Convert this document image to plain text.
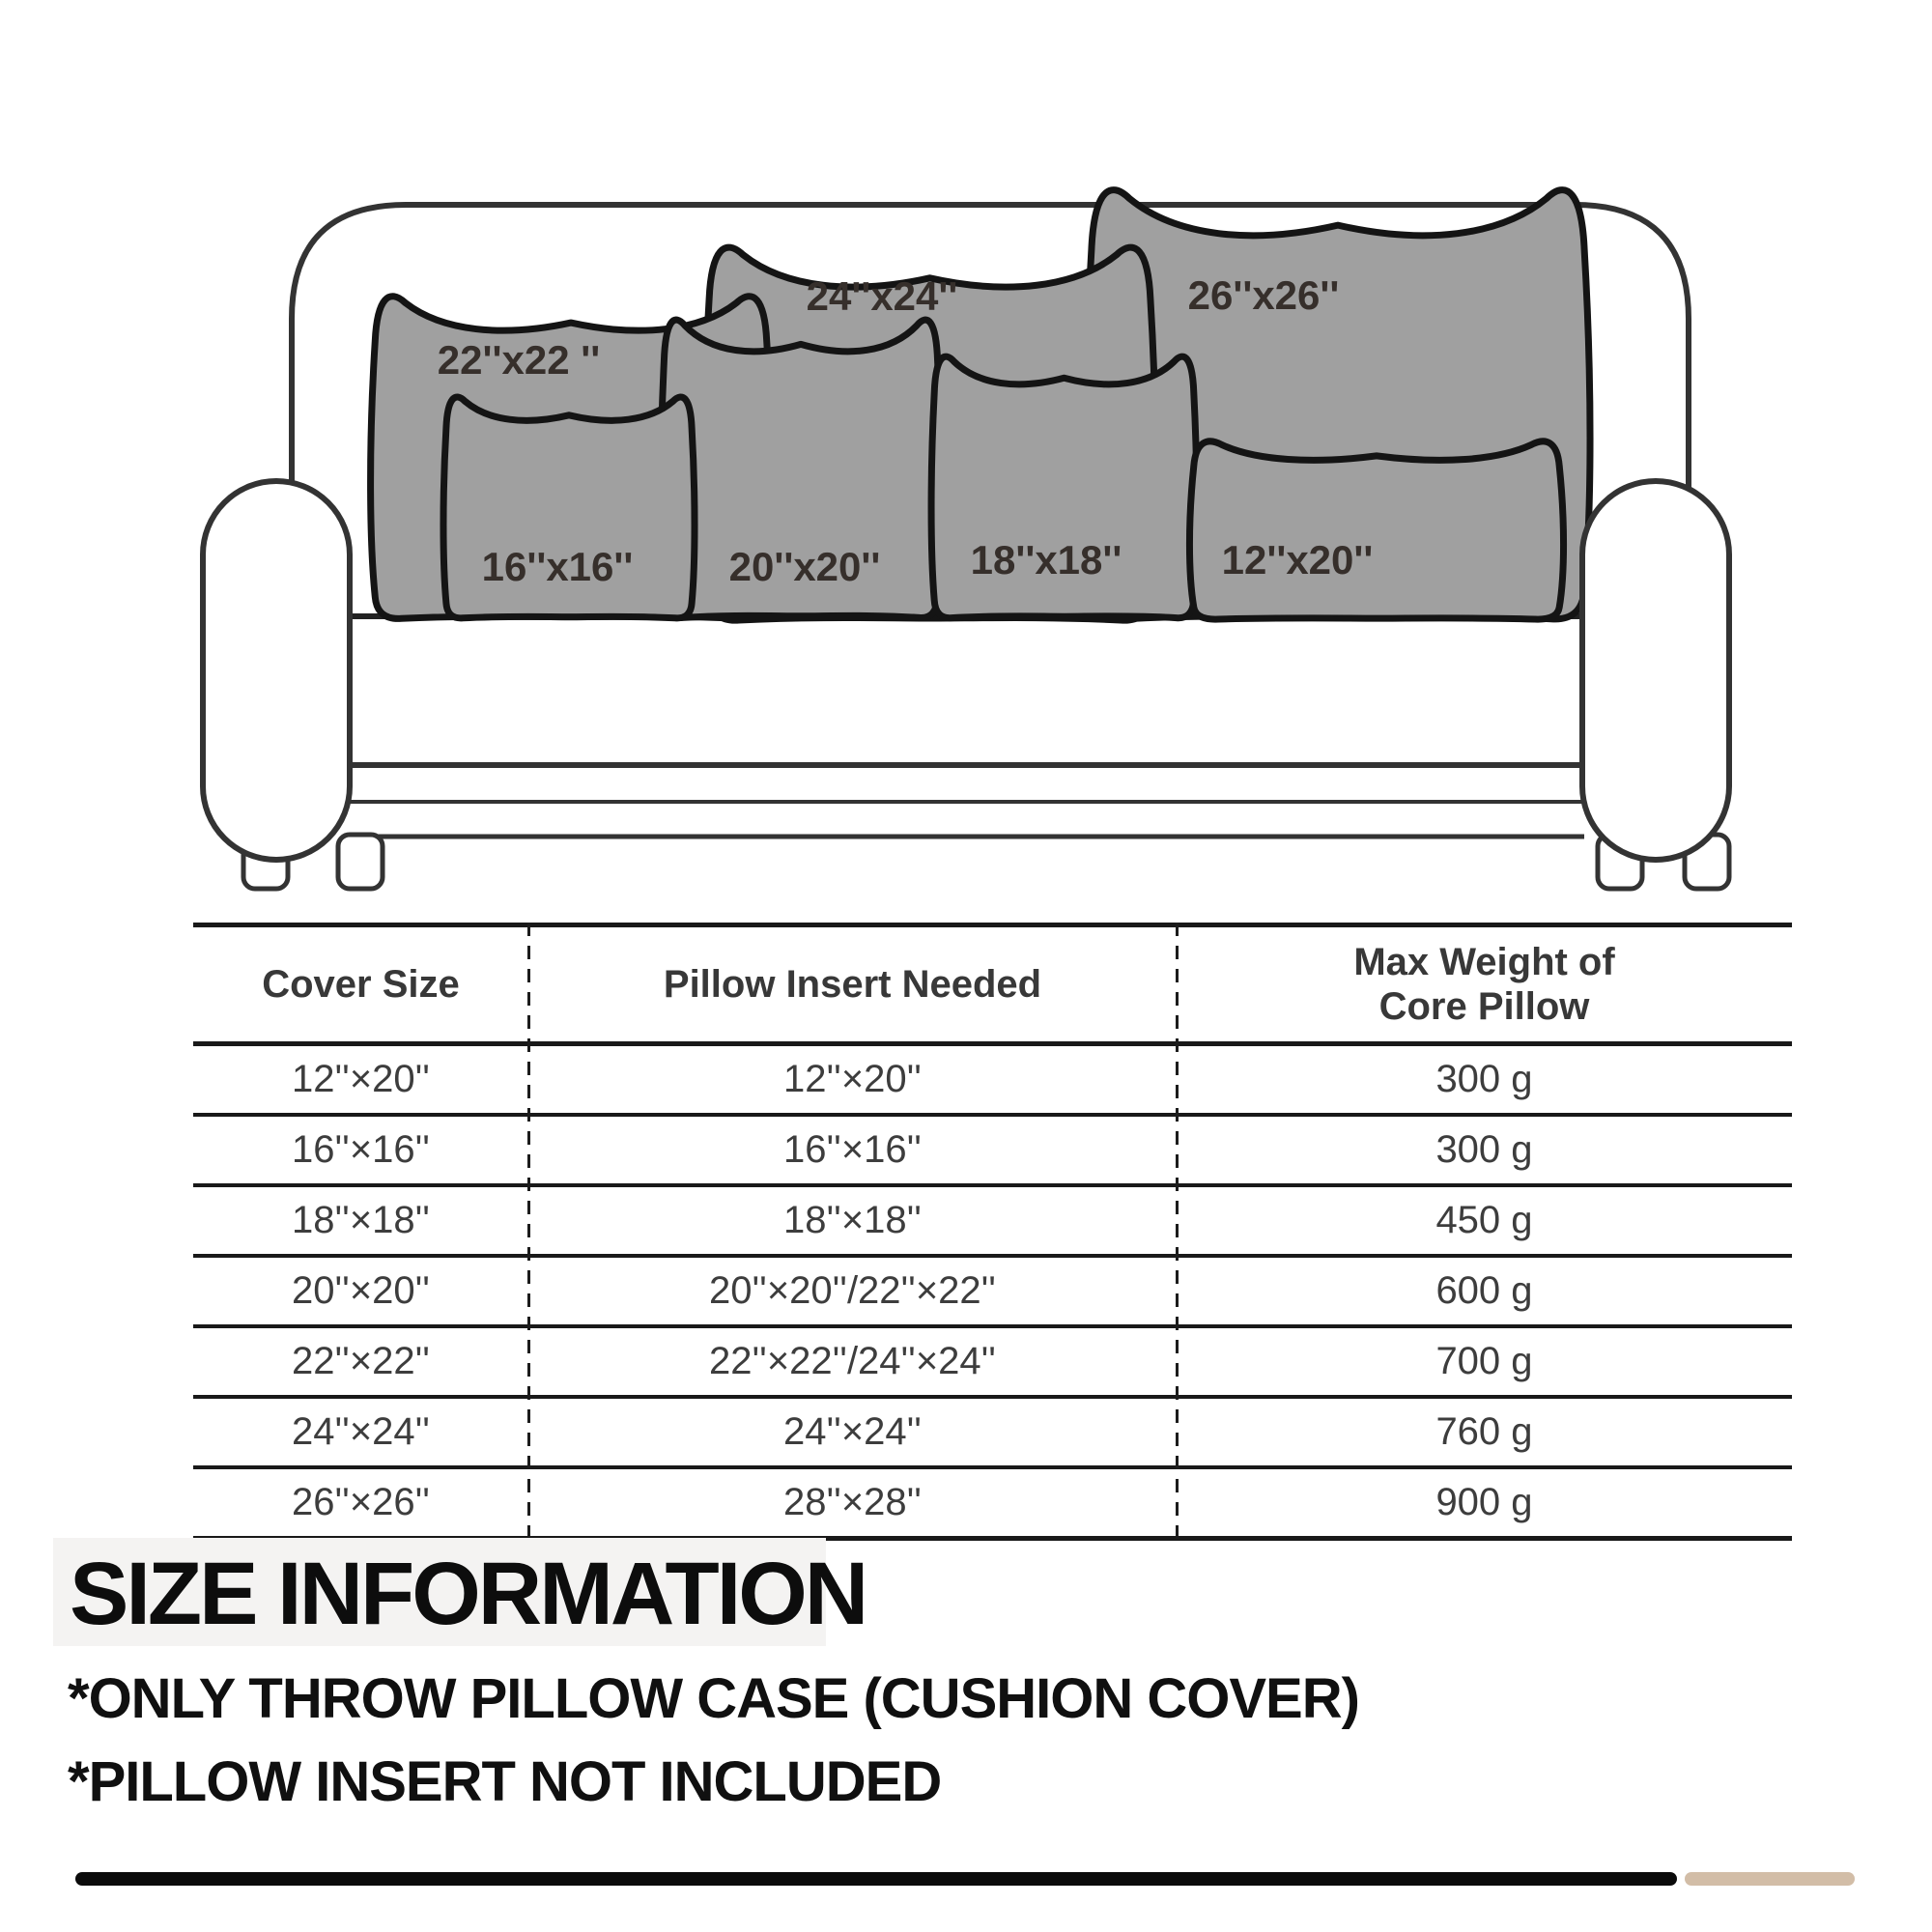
26''x26''
24''x24''
22''x22 ''
20''x20''
16''x16''	18''x18'' 12''x20''
Cover Size	Pillow Insert Needed
Max Weight of
Core Pillow
12''×20''	12''×20''	300 g
16''×16''	16''×16''	300 g
18''×18''	18''×18''	450 g
20''×20''	20''×20''/22''×22''	600 g
22''×22''	22''×22''/24''×24''	700 g
24''×24''	24''×24''	760 g
26''×26''	28''×28''	900 g
SIZE INFORMATION
*ONLY THROW PILLOW CASE (CUSHION COVER)
*PILLOW INSERT NOT INCLUDED
